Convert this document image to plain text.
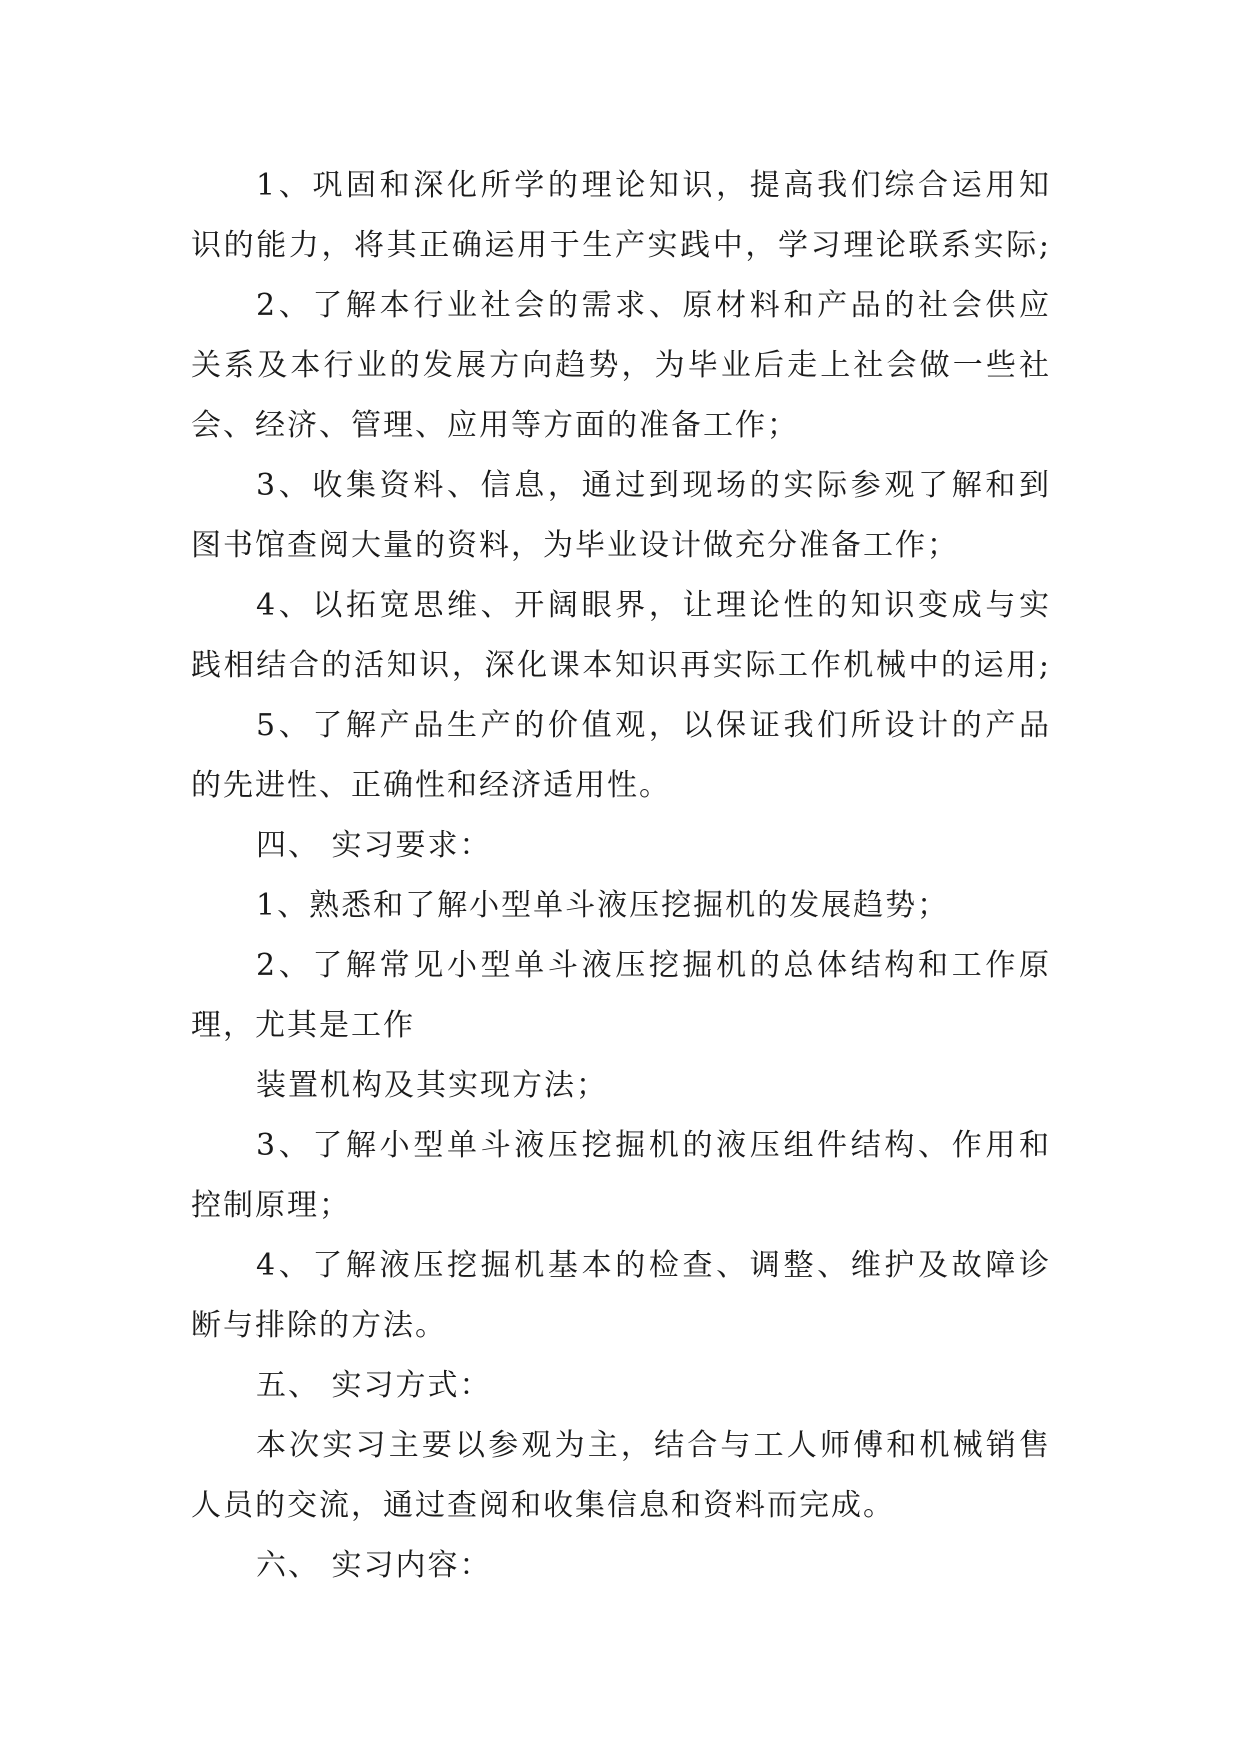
1、巩固和深化所学的理论知识，提高我们综合运用知
识的能力，将其正确运用于生产实践中，学习理论联系实际;
2、了解本行业社会的需求、原材料和产品的社会供应
关系及本行业的发展方向趋势，为毕业后走上社会做一些社
会、经济、管理、应用等方面的准备工作；
3、收集资料、信息，通过到现场的实际参观了解和到
图书馆查阅大量的资料，为毕业设计做充分准备工作；
4、以拓宽思维、开阔眼界，让理论性的知识变成与实
践相结合的活知识，深化课本知识再实际工作机械中的运用;
5、了解产品生产的价值观，以保证我们所设计的产品
的先进性、正确性和经济适用性。
四、 实习要求：
1、熟悉和了解小型单斗液压挖掘机的发展趋势；
2、了解常见小型单斗液压挖掘机的总体结构和工作原
理，尤其是工作
装置机构及其实现方法；
3、了解小型单斗液压挖掘机的液压组件结构、作用和
控制原理；
4、了解液压挖掘机基本的检查、调整、维护及故障诊
断与排除的方法。
五、 实习方式：
本次实习主要以参观为主，结合与工人师傅和机械销售
人员的交流，通过查阅和收集信息和资料而完成。
六、 实习内容：
